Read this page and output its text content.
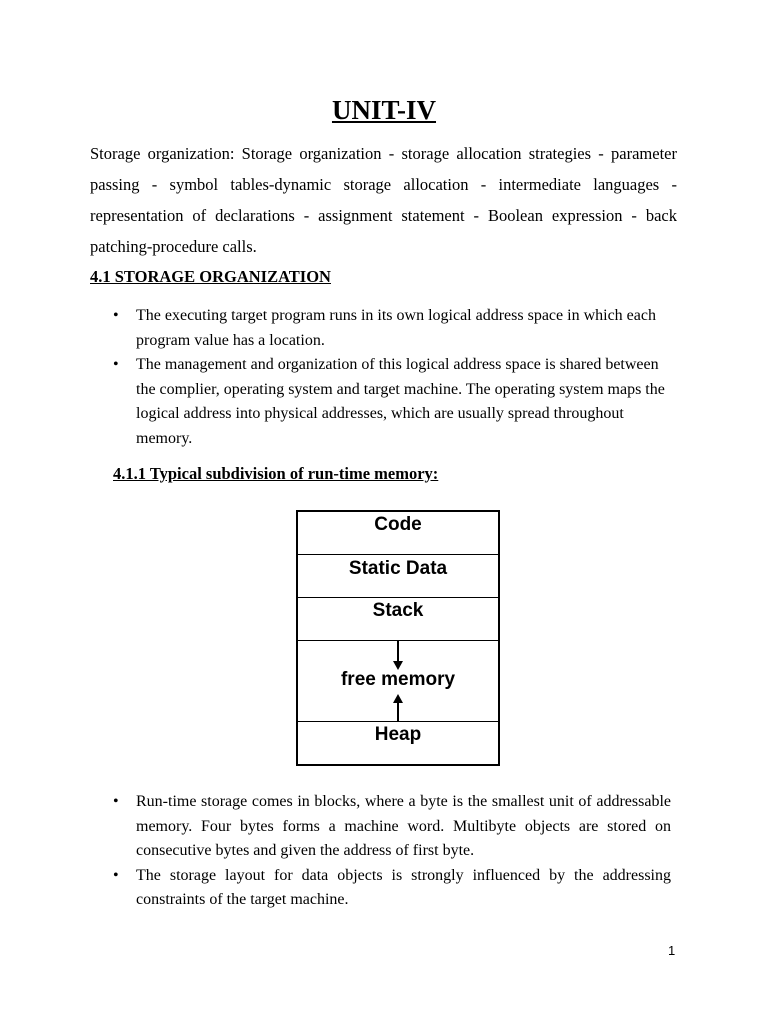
UNIT-IV

Storage organization: Storage organization - storage allocation strategies - parameter passing - symbol tables-dynamic storage allocation - intermediate languages - representation of declarations - assignment statement - Boolean expression - back patching-procedure calls.

4.1 STORAGE ORGANIZATION
• The executing target program runs in its own logical address space in which each program value has a location.
• The management and organization of this logical address space is shared between the complier, operating system and target machine. The operating system maps the logical address into physical addresses, which are usually spread throughout memory.
4.1.1 Typical subdivision of run-time memory:
Code
Static Data
Stack
free memory
Heap
• Run-time storage comes in blocks, where a byte is the smallest unit of addressable memory. Four bytes forms a machine word. Multibyte objects are stored on consecutive bytes and given the address of first byte.
• The storage layout for data objects is strongly influenced by the addressing constraints of the target machine.

1
